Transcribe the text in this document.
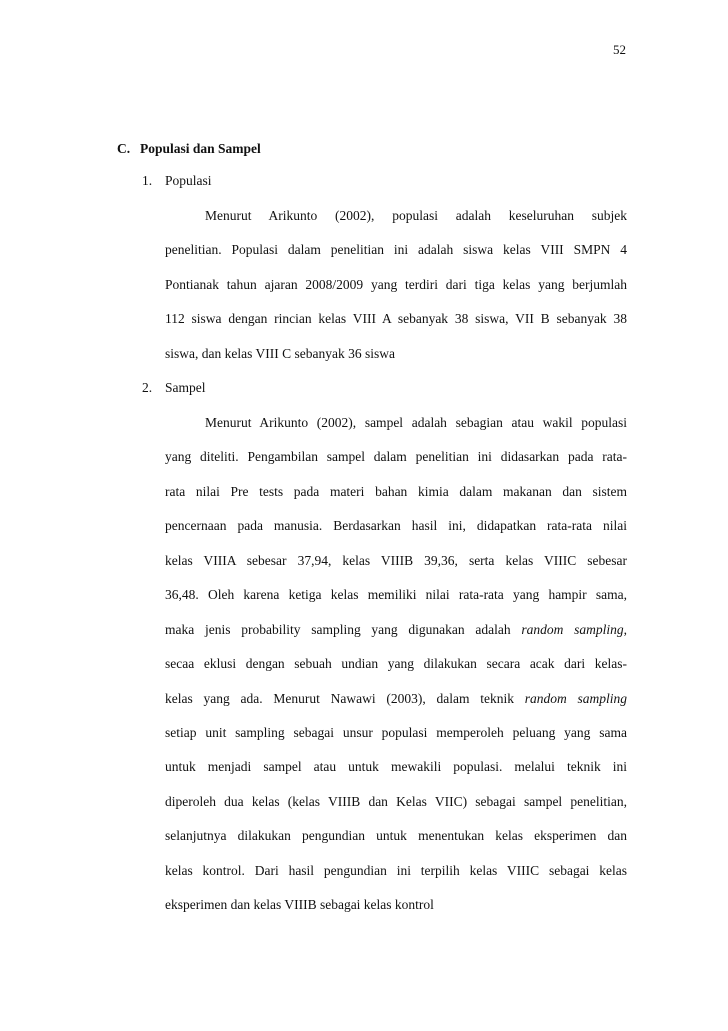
52
C. Populasi dan Sampel
1. Populasi
Menurut Arikunto (2002), populasi adalah keseluruhan subjek
penelitian. Populasi dalam penelitian ini adalah siswa kelas VIII SMPN 4
Pontianak tahun ajaran 2008/2009 yang terdiri dari tiga kelas yang berjumlah
112 siswa dengan rincian kelas VIII A sebanyak 38 siswa, VII B sebanyak 38
siswa, dan kelas VIII C sebanyak 36 siswa
2. Sampel
Menurut Arikunto (2002), sampel adalah sebagian atau wakil populasi
yang diteliti. Pengambilan sampel dalam penelitian ini didasarkan pada rata-
rata nilai Pre tests pada materi bahan kimia dalam makanan dan sistem
pencernaan pada manusia. Berdasarkan hasil ini, didapatkan rata-rata nilai
kelas VIIIA sebesar 37,94, kelas VIIIB 39,36, serta kelas VIIIC sebesar
36,48. Oleh karena ketiga kelas memiliki nilai rata-rata yang hampir sama,
maka jenis probability sampling yang digunakan adalah random sampling,
secaa eklusi dengan sebuah undian yang dilakukan secara acak dari kelas-
kelas yang ada. Menurut Nawawi (2003), dalam teknik random sampling
setiap unit sampling sebagai unsur populasi memperoleh peluang yang sama
untuk menjadi sampel atau untuk mewakili populasi. melalui teknik ini
diperoleh dua kelas (kelas VIIIB dan Kelas VIIC) sebagai sampel penelitian,
selanjutnya dilakukan pengundian untuk menentukan kelas eksperimen dan
kelas kontrol. Dari hasil pengundian ini terpilih kelas VIIIC sebagai kelas
eksperimen dan kelas VIIIB sebagai kelas kontrol
